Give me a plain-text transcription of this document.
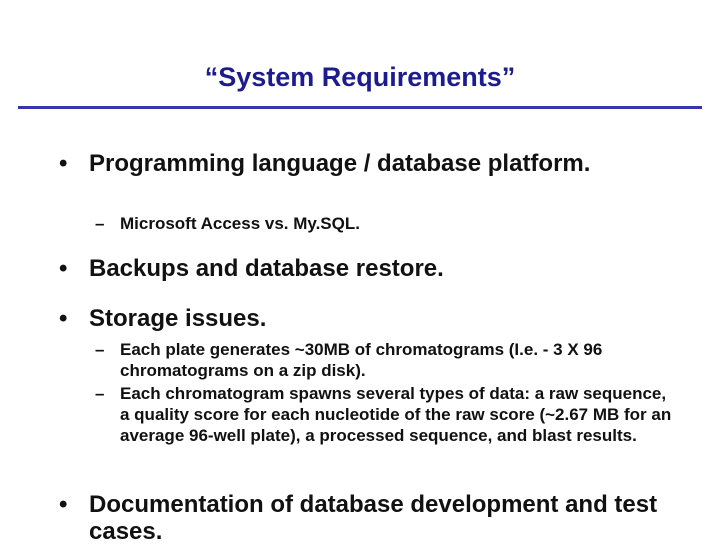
“System Requirements”
• Programming language / database platform.
– Microsoft Access vs. My.SQL.
• Backups and database restore.
• Storage issues.
– Each plate generates ~30MB of chromatograms (I.e. - 3 X 96 chromatograms on a zip disk).
– Each chromatogram spawns several types of data: a raw sequence, a quality score for each nucleotide of the raw score (~2.67 MB for an average 96-well plate), a processed sequence, and blast results.
• Documentation of database development and test cases.
